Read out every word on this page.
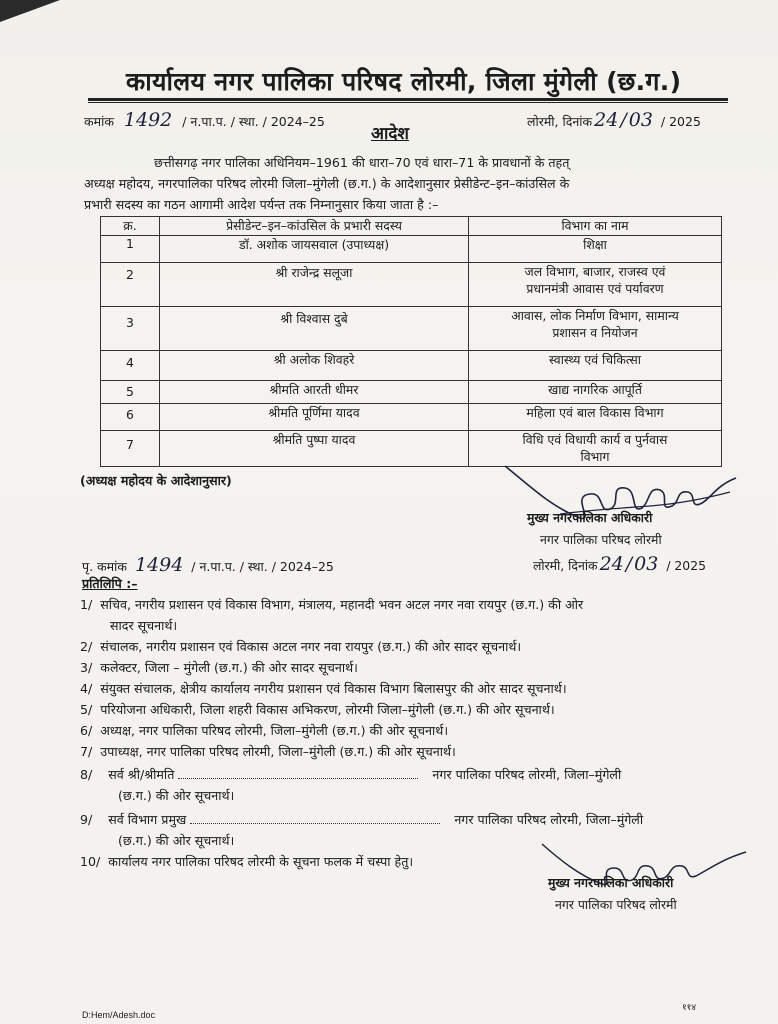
कार्यालय नगर पालिका परिषद लोरमी, जिला मुंगेली (छ.ग.)
कमांक 1492 / न.पा.प. / स्था. / 2024–25	लोरमी, दिनांक 24 / 03 / 2025
आदेश
छत्तीसगढ़ नगर पालिका अधिनियम–1961 की धारा–70 एवं धारा–71 के प्रावधानों के तहत्
अध्यक्ष महोदय, नगरपालिका परिषद लोरमी जिला–मुंगेली (छ.ग.) के आदेशानुसार प्रेसीडेन्ट–इन–कांउसिल के
प्रभारी सदस्य का गठन आगामी आदेश पर्यन्त तक निम्नानुसार किया जाता है :–
क्र.	प्रेसीडेन्ट–इन–कांउसिल के प्रभारी सदस्य	विभाग का नाम
1	डॉ. अशोक जायसवाल (उपाध्यक्ष)	शिक्षा
2	श्री राजेन्द्र सलूजा	जल विभाग, बाजार, राजस्व एवं
प्रधानमंत्री आवास एवं पर्यावरण
3	श्री विश्वास दुबे	आवास, लोक निर्माण विभाग, सामान्य
प्रशासन व नियोजन
4	श्री अलोक शिवहरे	स्वास्थ्य एवं चिकित्सा
5	श्रीमति आरती धीमर	खाद्य नागरिक आपूर्ति
6	श्रीमति पूर्णिमा यादव	महिला एवं बाल विकास विभाग
7	श्रीमति पुष्पा यादव	विधि एवं विधायी कार्य व पुर्नवास
विभाग
(अध्यक्ष महोदय के आदेशानुसार)
मुख्य नगरपालिका अधिकारी
नगर पालिका परिषद लोरमी
लोरमी, दिनांक 24 / 03 / 2025
पृ. कमांक 1494 / न.पा.प. / स्था. / 2024–25
प्रतिलिपि :–
1/ सचिव, नगरीय प्रशासन एवं विकास विभाग, मंत्रालय, महानदी भवन अटल नगर नवा रायपुर (छ.ग.) की ओर
सादर सूचनार्थ।
2/ संचालक, नगरीय प्रशासन एवं विकास अटल नगर नवा रायपुर (छ.ग.) की ओर सादर सूचनार्थ।
3/ कलेक्टर, जिला – मुंगेली (छ.ग.) की ओर सादर सूचनार्थ।
4/ संयुक्त संचालक, क्षेत्रीय कार्यालय नगरीय प्रशासन एवं विकास विभाग बिलासपुर की ओर सादर सूचनार्थ।
5/ परियोजना अधिकारी, जिला शहरी विकास अभिकरण, लोरमी जिला–मुंगेली (छ.ग.) की ओर सूचनार्थ।
6/ अध्यक्ष, नगर पालिका परिषद लोरमी, जिला–मुंगेली (छ.ग.) की ओर सूचनार्थ।
7/ उपाध्यक्ष, नगर पालिका परिषद लोरमी, जिला–मुंगेली (छ.ग.) की ओर सूचनार्थ।
8/ सर्व श्री/श्रीमति	नगर पालिका परिषद लोरमी, जिला–मुंगेली
(छ.ग.) की ओर सूचनार्थ।
9/ सर्व विभाग प्रमुख	नगर पालिका परिषद लोरमी, जिला–मुंगेली
(छ.ग.) की ओर सूचनार्थ।
10/ कार्यालय नगर पालिका परिषद लोरमी के सूचना फलक में चस्पा हेतु।
मुख्य नगरपालिका अधिकारी
नगर पालिका परिषद लोरमी
D:Hem/Adesh.doc
११४
